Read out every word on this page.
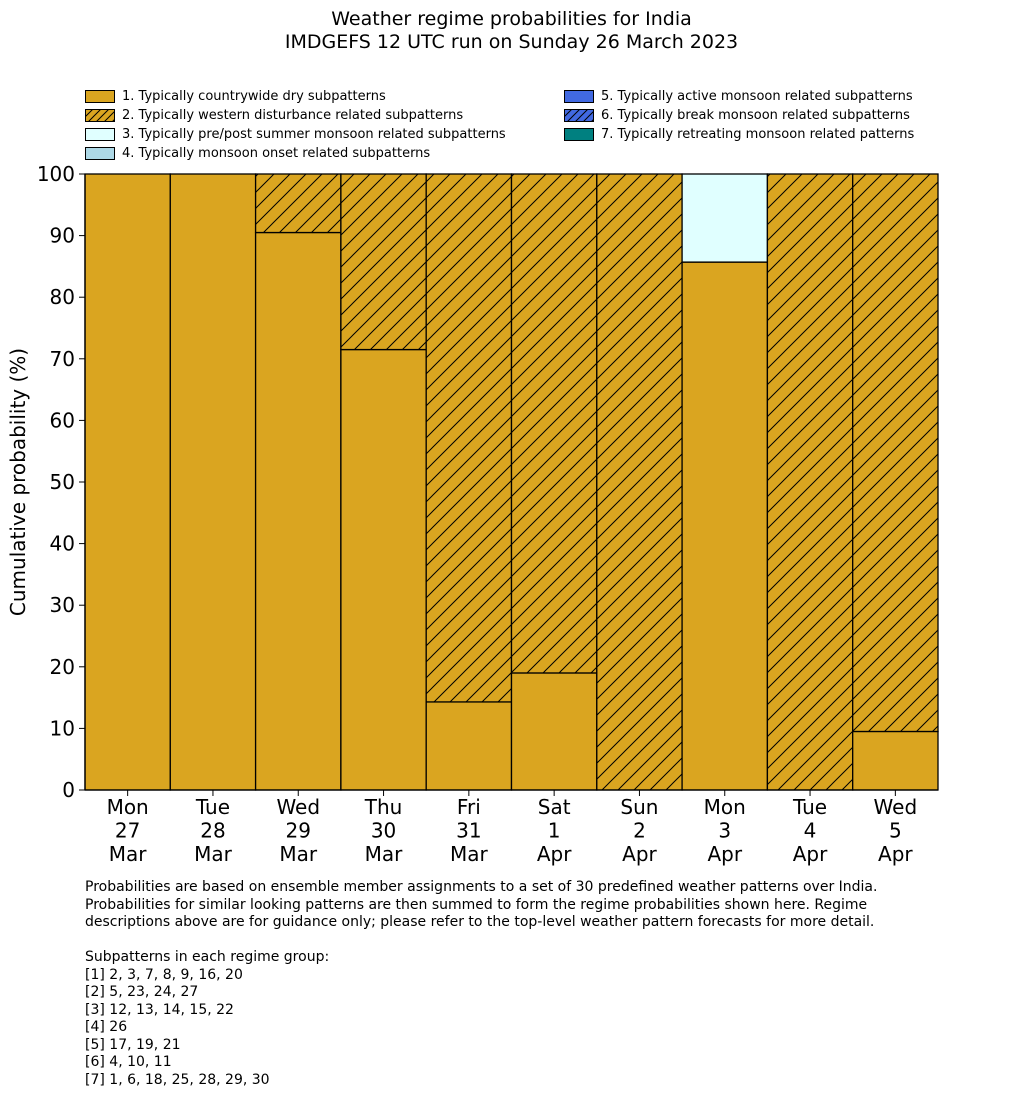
Weather regime probabilities for India
IMDGEFS 12 UTC run on Sunday 26 March 2023
1. Typically countrywide dry subpatterns
2. Typically western disturbance related subpatterns
3. Typically pre/post summer monsoon related subpatterns
4. Typically monsoon onset related subpatterns
5. Typically active monsoon related subpatterns
6. Typically break monsoon related subpatterns
7. Typically retreating monsoon related patterns
0
10
20
30
40
50
60
70
80
90
100
Mon 27 Mar
Tue 28 Mar
Wed 29 Mar
Thu 30 Mar
Fri 31 Mar
Sat 1 Apr
Sun 2 Apr
Mon 3 Apr
Tue 4 Apr
Wed 5 Apr
Cumulative probability (%)
Probabilities are based on ensemble member assignments to a set of 30 predefined weather patterns over India.
Probabilities for similar looking patterns are then summed to form the regime probabilities shown here. Regime
descriptions above are for guidance only; please refer to the top-level weather pattern forecasts for more detail.
Subpatterns in each regime group:
[1] 2, 3, 7, 8, 9, 16, 20
[2] 5, 23, 24, 27
[3] 12, 13, 14, 15, 22
[4] 26
[5] 17, 19, 21
[6] 4, 10, 11
[7] 1, 6, 18, 25, 28, 29, 30
